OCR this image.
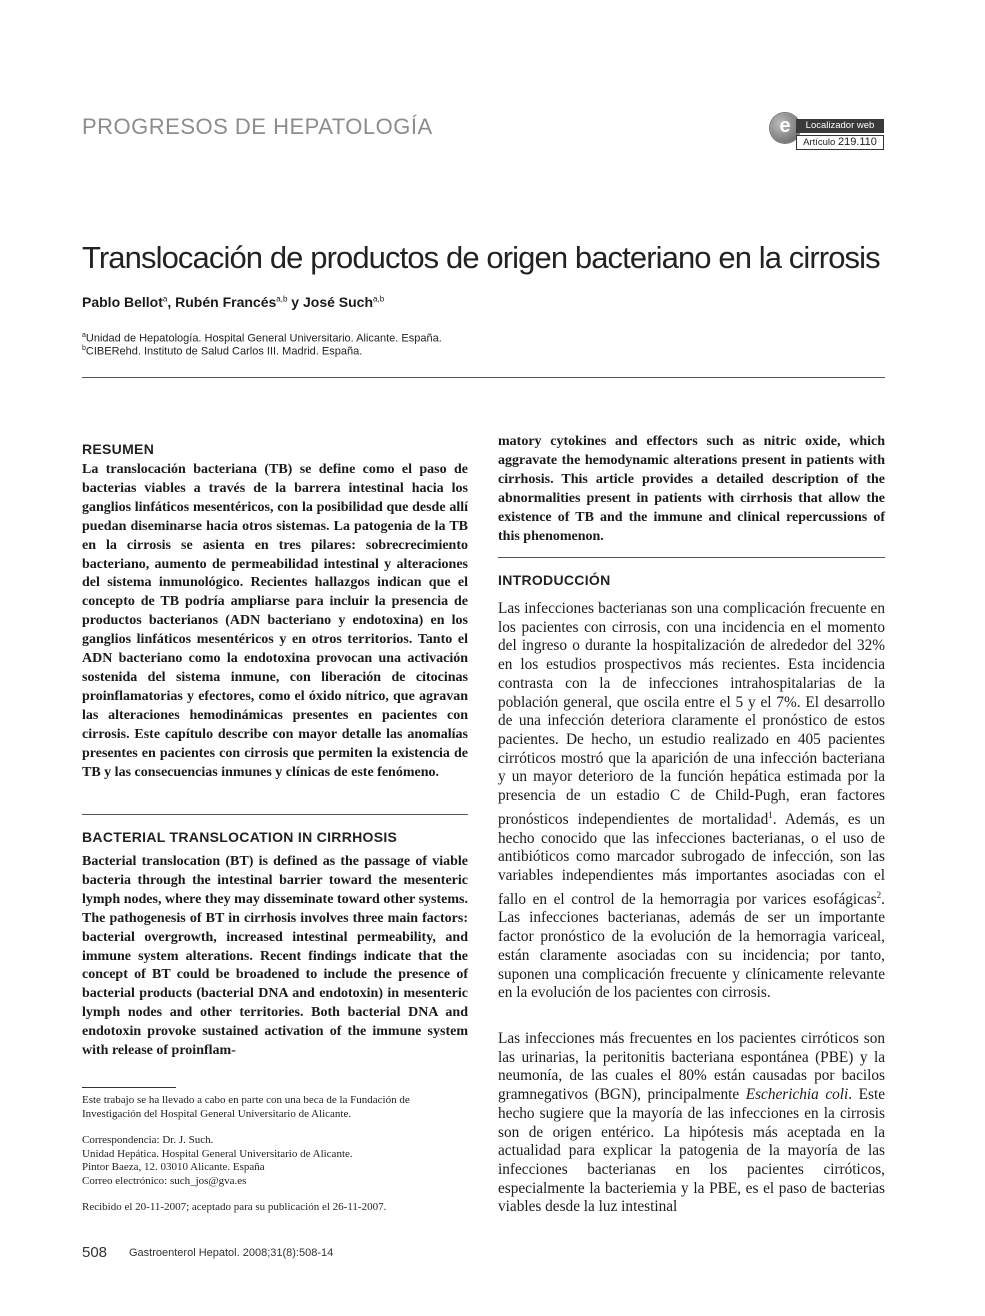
PROGRESOS DE HEPATOLOGÍA	e	Localizador web
Artículo 219.110
Translocación de productos de origen bacteriano en la cirrosis
Pablo Bellot$^a$, Rubén Francés$^{a,b}$ y José Such$^{a,b}$
$^a$Unidad de Hepatología. Hospital General Universitario. Alicante. España.
$^b$CIBERehd. Instituto de Salud Carlos III. Madrid. España.
RESUMEN
La translocación bacteriana (TB) se define como el paso de bacterias viables a través de la barrera intestinal hacia los ganglios linfáticos mesentéricos, con la posibilidad que desde allí puedan diseminarse hacia otros sistemas. La patogenia de la TB en la cirrosis se asienta en tres pilares: sobrecrecimiento bacteriano, aumento de permeabilidad intestinal y alteraciones del sistema inmunológico. Recientes hallazgos indican que el concepto de TB podría ampliarse para incluir la presencia de productos bacterianos (ADN bacteriano y endotoxina) en los ganglios linfáticos mesentéricos y en otros territorios. Tanto el ADN bacteriano como la endotoxina provocan una activación sostenida del sistema inmune, con liberación de citocinas proinflamatorias y efectores, como el óxido nítrico, que agravan las alteraciones hemodinámicas presentes en pacientes con cirrosis. Este capítulo describe con mayor detalle las anomalías presentes en pacientes con cirrosis que permiten la existencia de TB y las consecuencias inmunes y clínicas de este fenómeno.
BACTERIAL TRANSLOCATION IN CIRRHOSIS
Bacterial translocation (BT) is defined as the passage of viable bacteria through the intestinal barrier toward the mesenteric lymph nodes, where they may disseminate toward other systems. The pathogenesis of BT in cirrhosis involves three main factors: bacterial overgrowth, increased intestinal permeability, and immune system alterations. Recent findings indicate that the concept of BT could be broadened to include the presence of bacterial products (bacterial DNA and endotoxin) in mesenteric lymph nodes and other territories. Both bacterial DNA and endotoxin provoke sustained activation of the immune system with release of proinflam-
matory cytokines and effectors such as nitric oxide, which aggravate the hemodynamic alterations present in patients with cirrhosis. This article provides a detailed description of the abnormalities present in patients with cirrhosis that allow the existence of TB and the immune and clinical repercussions of this phenomenon.
INTRODUCCIÓN
Las infecciones bacterianas son una complicación frecuente en los pacientes con cirrosis, con una incidencia en el momento del ingreso o durante la hospitalización de alrededor del 32% en los estudios prospectivos más recientes. Esta incidencia contrasta con la de infecciones intrahospitalarias de la población general, que oscila entre el 5 y el 7%. El desarrollo de una infección deteriora claramente el pronóstico de estos pacientes. De hecho, un estudio realizado en 405 pacientes cirróticos mostró que la aparición de una infección bacteriana y un mayor deterioro de la función hepática estimada por la presencia de un estadio C de Child-Pugh, eran factores pronósticos independientes de mortalidad$^1$. Además, es un hecho conocido que las infecciones bacterianas, o el uso de antibióticos como marcador subrogado de infección, son las variables independientes más importantes asociadas con el fallo en el control de la hemorragia por varices esofágicas$^2$. Las infecciones bacterianas, además de ser un importante factor pronóstico de la evolución de la hemorragia variceal, están claramente asociadas con su incidencia; por tanto, suponen una complicación frecuente y clínicamente relevante en la evolución de los pacientes con cirrosis.
Las infecciones más frecuentes en los pacientes cirróticos son las urinarias, la peritonitis bacteriana espontánea (PBE) y la neumonía, de las cuales el 80% están causadas por bacilos gramnegativos (BGN), principalmente Escherichia coli. Este hecho sugiere que la mayoría de las infecciones en la cirrosis son de origen entérico. La hipótesis más aceptada en la actualidad para explicar la patogenia de la mayoría de las infecciones bacterianas en los pacientes cirróticos, especialmente la bacteriemia y la PBE, es el paso de bacterias viables desde la luz intestinal
Este trabajo se ha llevado a cabo en parte con una beca de la Fundación de Investigación del Hospital General Universitario de Alicante.
Correspondencia: Dr. J. Such.
Unidad Hepática. Hospital General Universitario de Alicante.
Pintor Baeza, 12. 03010 Alicante. España
Correo electrónico: such_jos@gva.es
Recibido el 20-11-2007; aceptado para su publicación el 26-11-2007.
508 Gastroenterol Hepatol. 2008;31(8):508-14
